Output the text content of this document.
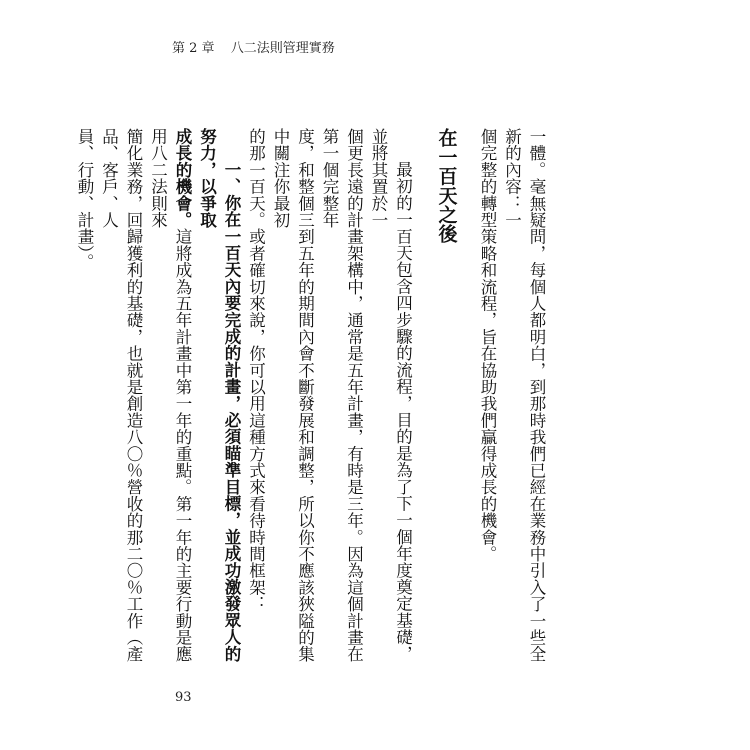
第 2 章 八二法則管理實務

一體。毫無疑問，每個人都明白，到那時我們已經在業務中引入了一些全新的內容：一
個完整的轉型策略和流程，旨在協助我們贏得成長的機會。

在一百天之後

最初的一百天包含四步驟的流程，目的是為了下一個年度奠定基礎，並將其置於一
個更長遠的計畫架構中，通常是五年計畫，有時是三年。因為這個計畫在第一個完整年
度，和整個三到五年的期間內會不斷發展和調整，所以你不應該狹隘的集中關注你最初
的那一百天。或者確切來說，你可以用這種方式來看待時間框架：

一、你在一百天內要完成的計畫，必須瞄準目標，並成功激發眾人的努力，以爭取
成長的機會。這將成為五年計畫中第一年的重點。第一年的主要行動是應用八二法則來
簡化業務，回歸獲利的基礎，也就是創造八〇％營收的那二〇％工作（產品、客戶、人
員、行動、計畫）。

93
